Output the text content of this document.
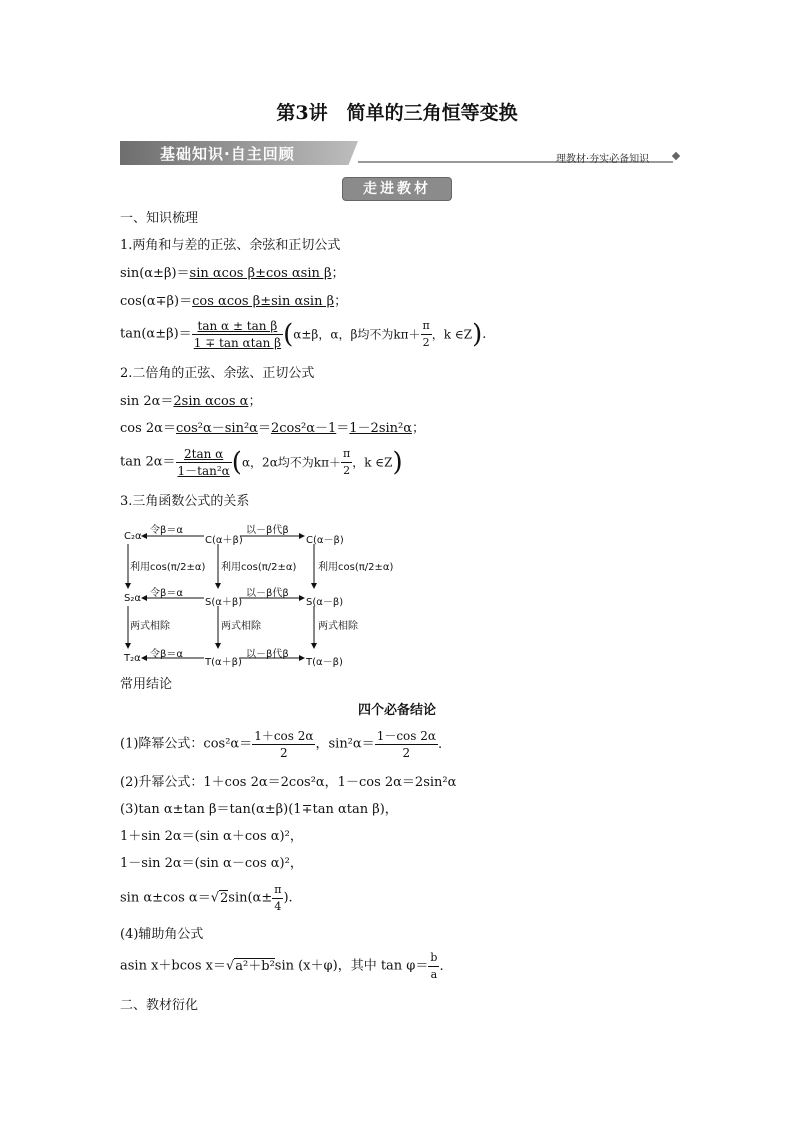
第3讲　简单的三角恒等变换
基础知识·自主回顾	理教材·夯实必备知识
走进教材
一、知识梳理
1.两角和与差的正弦、余弦和正切公式
sin(α±β)＝sin αcos β±cos αsin β；
cos(α∓β)＝cos αcos β±sin αsin β；
$\tan(\alpha\pm\beta)= \frac{\text{tan α ± tan β}}{\text{1 ∓ tan αtan β}} (\alpha\pm\beta$，α，β均不为$k\pi+ \frac{\pi}{2}$ ，k ∈Z).
2.二倍角的正弦、余弦、正切公式
sin 2α＝2sin αcos α；
cos 2α＝cos²α－sin²α＝2cos²α－1＝1－2sin²α；
$\tan 2\alpha= \frac{\text{2tan α}}{\text{1－tan²α}} (\alpha$，2α均不为$k\pi+ \frac{\pi}{2}$ ，k ∈Z)
3.三角函数公式的关系
C₂α	C(α＋β)	C(α－β)
S₂α	S(α＋β)	S(α－β)
T₂α	T(α＋β)	T(α－β)
令β＝α	以－β代β
令β＝α	以－β代β
令β＝α	以－β代β
利用cos(π/2±α) 利用cos(π/2±α) 利用cos(π/2±α)
两式相除	两式相除	两式相除
常用结论
四个必备结论
(1)降幂公式：$\cos^2\alpha= \frac{1+\cos 2\alpha}{2}$ ，$\sin^2\alpha= \frac{1-\cos 2\alpha}{2}$ .
(2)升幂公式：1＋cos 2α＝2cos²α，1－cos 2α＝2sin²α
(3)tan α±tan β＝tan(α±β)(1∓tan αtan β)，
1＋sin 2α＝(sin α＋cos α)²，
1－sin 2α＝(sin α－cos α)²，
sin α±cos $\alpha=√2\sin(\alpha\pm \frac{\pi}{4}$ ).
(4)辅助角公式
asin x＋bcos x＝√a²＋b²sin (x＋φ)，其中 $\tan \varphi= \frac{b}{a}$ .
二、教材衍化
